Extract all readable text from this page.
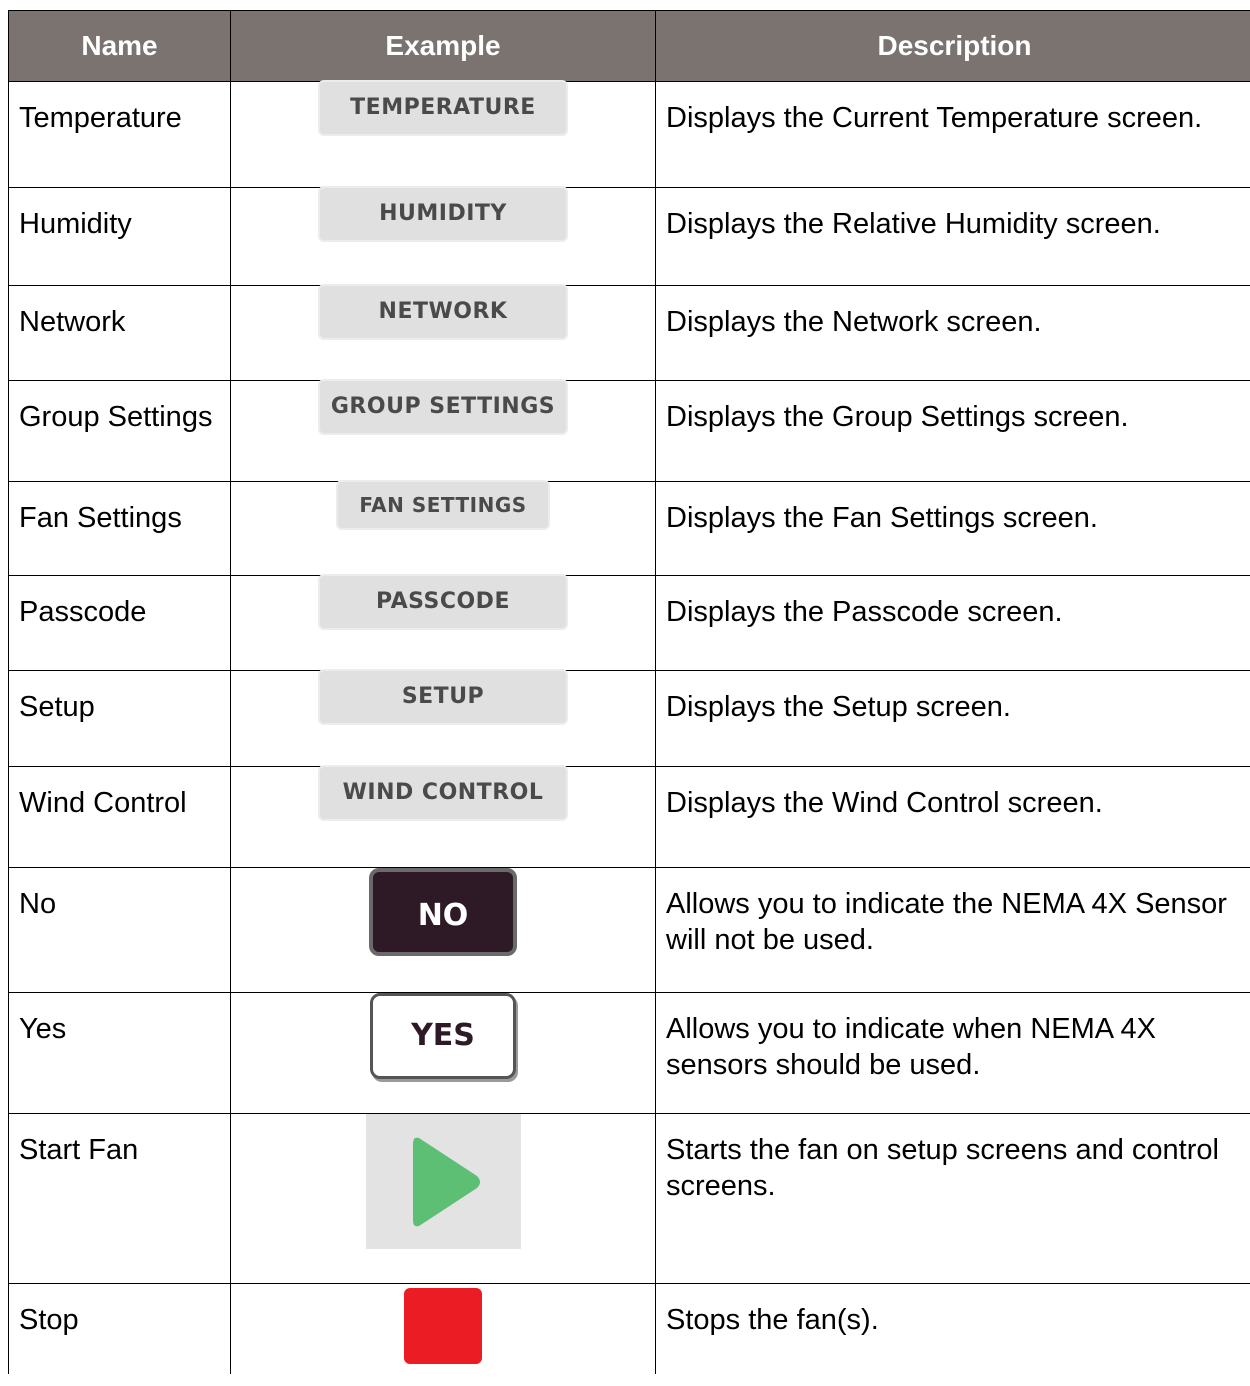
Name	Example	Description
Temperature	TEMPERATURE	Displays the Current Temperature screen.
Humidity	HUMIDITY	Displays the Relative Humidity screen.
Network	NETWORK	Displays the Network screen.
Group Settings	GROUP SETTINGS	Displays the Group Settings screen.
Fan Settings	FAN SETTINGS	Displays the Fan Settings screen.
Passcode	PASSCODE	Displays the Passcode screen.
Setup	SETUP	Displays the Setup screen.
Wind Control	WIND CONTROL	Displays the Wind Control screen.
No	NO	Allows you to indicate the NEMA 4X Sensor will not be used.
Yes	YES	Allows you to indicate when NEMA 4X sensors should be used.
Start Fan		Starts the fan on setup screens and control screens.
Stop		Stops the fan(s).
